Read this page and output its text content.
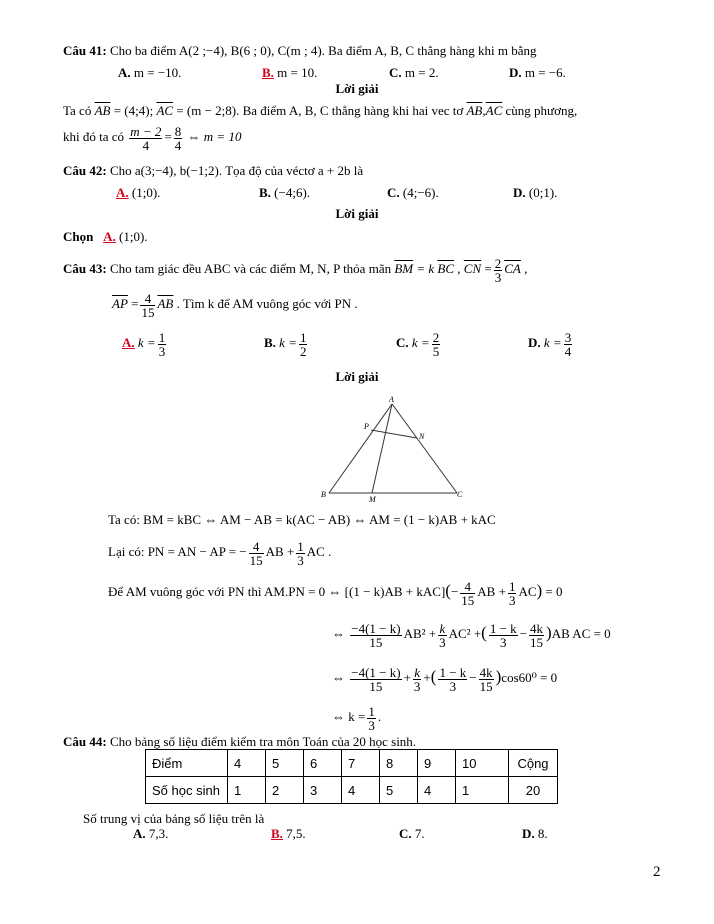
Câu 41: Cho ba điểm A(2 ;−4), B(6 ; 0), C(m ; 4). Ba điểm A, B, C thẳng hàng khi m bằng
A. m = −10.	B. m = 10.	C. m = 2.	D. m = −6.
Lời giải
Ta có $\overline{AB}$ = (4;4); $\overline{AC} = (m$ − 2;8). Ba điểm A, B, C thẳng hàng khi hai vec tơ $\overline{AB},\overline{AC}$ cùng phương,
khi đó ta có $\frac{m - 2}{4} = \frac{8}{4}$ ⇔ m = 10
Câu 42: Cho a(3;−4), b(−1;2). Tọa độ của véctơ a + 2b là
A. (1;0).	B. (−4;6).	C. (4;−6).	D. (0;1).
Lời giải
Chọn A. (1;0).
Câu 43: Cho tam giác đều ABC và các điểm M, N, P thỏa mãn $\overline{BM} = k$ $\overline{BC}$ , $\overline{CN} = \frac{2}{3} \overline{CA}$ ,
$\overline{AP} = \frac{4}{15} \overline{AB}$ . Tìm k để AM vuông góc với PN .
A. $k = \frac{1}{3}$	B. $k = \frac{1}{2}$	C. $k = \frac{2}{5}$	D. $k = \frac{3}{4}$
Lời giải
A
P
N
B
M
C
Ta có: BM = kBC ⇔ AM − AB = k(AC − AB) ⇔ AM = (1 − k)AB + kAC
Lại có: PN = AN − AP = − $\frac{4}{15}$ AB + $\frac{1}{3}$ AC .
Để AM vuông góc với PN thì AM.PN = 0 ⇔ $[(1 - k)AB + kAC](- \frac{4}{15}$ AB + $\frac{1}{3} AC) = 0$
⇔ $\frac{-4(1 - k)}{15} AB^2 + \frac{k}{3} AC^2$ +( $\frac{1 - k}{3} - \frac{4k}{15} )AB$ AC = 0
⇔ $\frac{-4(1 - k)}{15} + \frac{k}{3}$ +( $\frac{1 - k}{3} - \frac{4k}{15} )\cos 60^0 = 0$
⇔ $k = \frac{1}{3}$ .
Câu 44: Cho bảng số liệu điểm kiểm tra môn Toán của 20 học sinh.
Điểm	4	5	6	7	8	9	10	Cộng
Số học sinh	1	2	3	4	5	4	1	20
Số trung vị của bảng số liệu trên là
A. 7,3.	B. 7,5.	C. 7.	D. 8.
2
